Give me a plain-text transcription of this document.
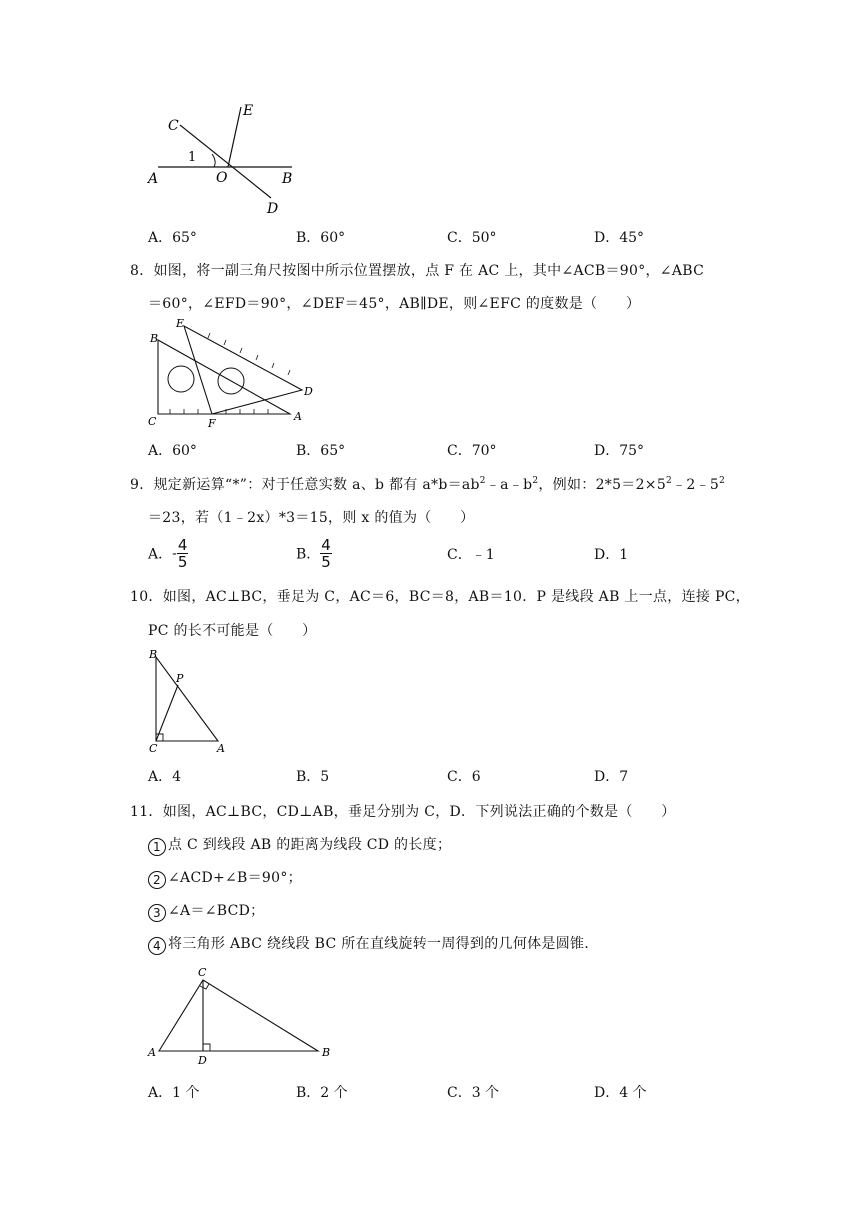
C
E
1
A	O	B
D
A．65°	B．60°	C．50°	D．45°
8．如图，将一副三角尺按图中所示位置摆放，点 F 在 AC 上，其中∠ACB＝90°，∠ABC
＝60°，∠EFD＝90°，∠DEF＝45°，AB∥DE，则∠EFC 的度数是（　　）
B
E
D
C	F
A
A．60°	B．65°	C．70°	D．75°
9．规定新运算“*”：对于任意实数 a、b 都有 $a*b=ab^2﹣a﹣b^2$，例如：$2*5=2\times 5^2﹣2﹣5^2$
＝23，若（1﹣2x）*3＝15，则 x 的值为（　　）
A．- $\frac{4}{5}$	B． $\frac{4}{5}$	C．﹣1	D．1
10．如图，AC⊥BC，垂足为 C，AC＝6，BC＝8，AB＝10．P 是线段 AB 上一点，连接 PC，
PC 的长不可能是（　　）
B
P
C	A
A．4	B．5	C．6	D．7
11．如图，AC⊥BC，CD⊥AB，垂足分别为 C，D．下列说法正确的个数是（　　）
1 点 C 到线段 AB 的距离为线段 CD 的长度；
2 ∠ACD+∠B＝90°；
3 ∠A＝∠BCD；
4 将三角形 ABC 绕线段 BC 所在直线旋转一周得到的几何体是圆锥．
C
A
D
B
A．1 个	B．2 个	C．3 个	D．4 个
